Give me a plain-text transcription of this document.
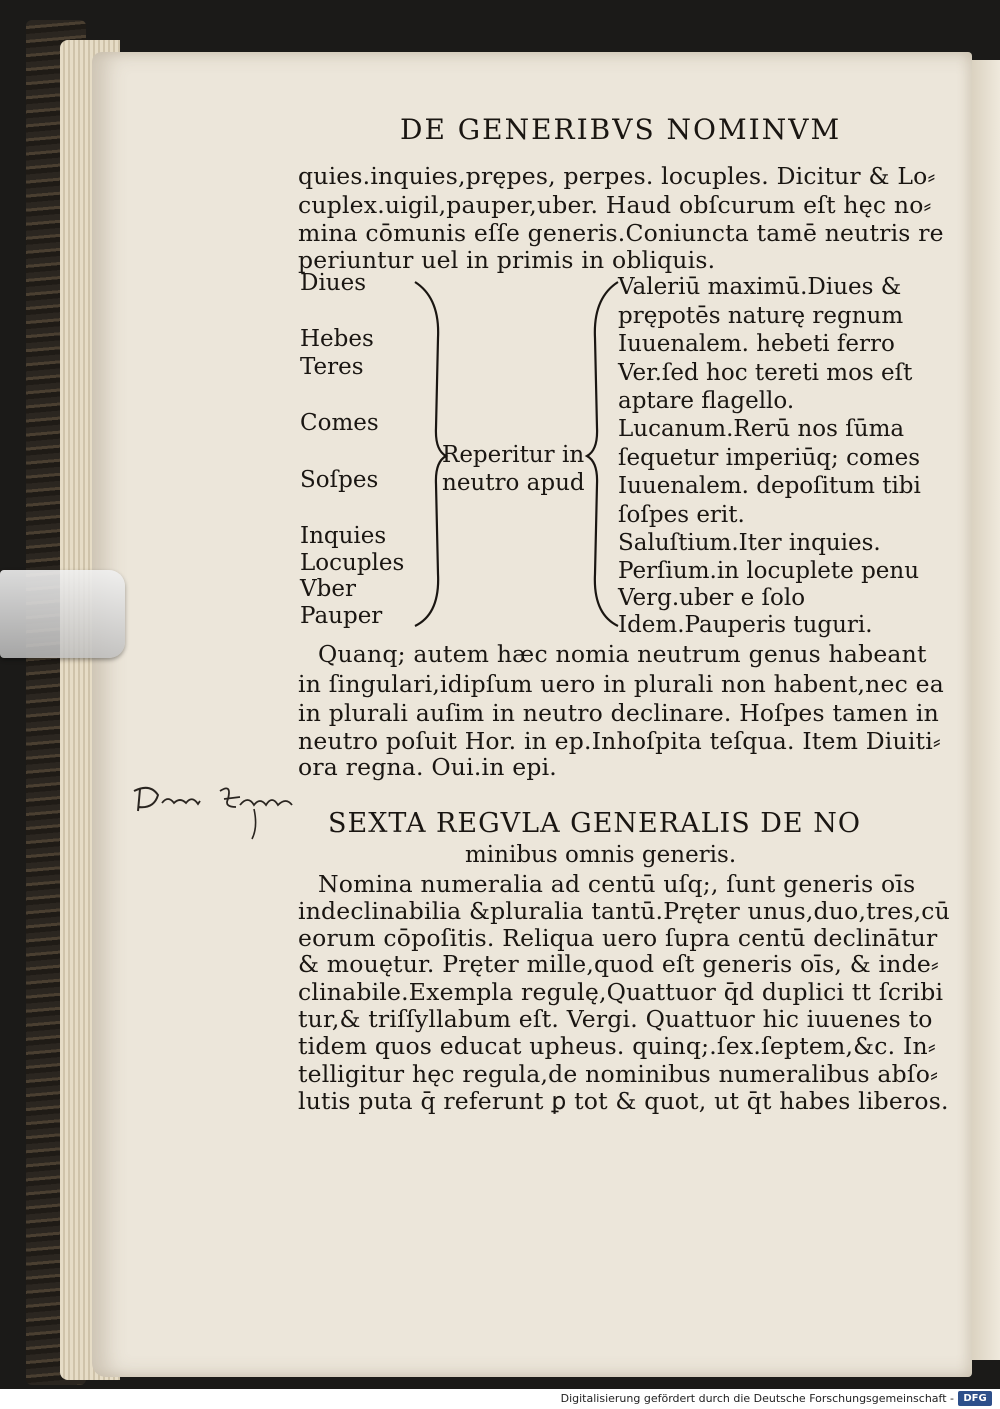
DE GENERIBVS NOMINVM
quies.inquies,prępes, perpes. locuples. Dicitur & Lo⸗
cuplex.uigil,pauper,uber. Haud obſcurum eſt hęc no⸗
mina cōmunis eſſe generis.Coniuncta tamē neutris re
periuntur uel in primis in obliquis.
Diues
Hebes
Teres
Comes
Soſpes
Inquies
Locuples
Vber
Pauper
Reperitur in
neutro apud
Valeriū maximū.Diues &
prępotēs naturę regnum
Iuuenalem. hebeti ferro
Ver.ſed hoc tereti mos eſt
aptare flagello.
Lucanum.Rerū nos ſūma
ſequetur imperiūq; comes
Iuuenalem. depoſitum tibi
ſoſpes erit.
Saluſtium.Iter inquies.
Perſium.in locuplete penu
Verg.uber e ſolo
Idem.Pauperis tuguri.
Quanq; autem hæc nomia neutrum genus habeant
in ſingulari,idipſum uero in plurali non habent,nec ea
in plurali auſim in neutro declinare. Hoſpes tamen in
neutro poſuit Hor. in ep.Inhoſpita teſqua. Item Diuiti⸗
ora regna. Oui.in epi.
SEXTA REGVLA GENERALIS DE NO
minibus omnis generis.
Nomina numeralia ad centū uſq;, ſunt generis oīs
indeclinabilia &pluralia tantū.Pręter unus,duo,tres,cū
eorum cōpoſitis. Reliqua uero ſupra centū declinātur
& mouętur. Pręter mille,quod eſt generis oīs, & inde⸗
clinabile.Exempla regulę,Quattuor q̄d duplici tt ſcribi
tur,& triſſyllabum eſt. Vergi. Quattuor hic iuuenes to
tidem quos educat upheus. quinq;.ſex.ſeptem,&c. In⸗
telligitur hęc regula,de nominibus numeralibus abſo⸗
lutis puta q̄ referunt ꝑ tot & quot, ut q̄t habes liberos.
Digitalisierung gefördert durch die Deutsche Forschungsgemeinschaft - DFG
